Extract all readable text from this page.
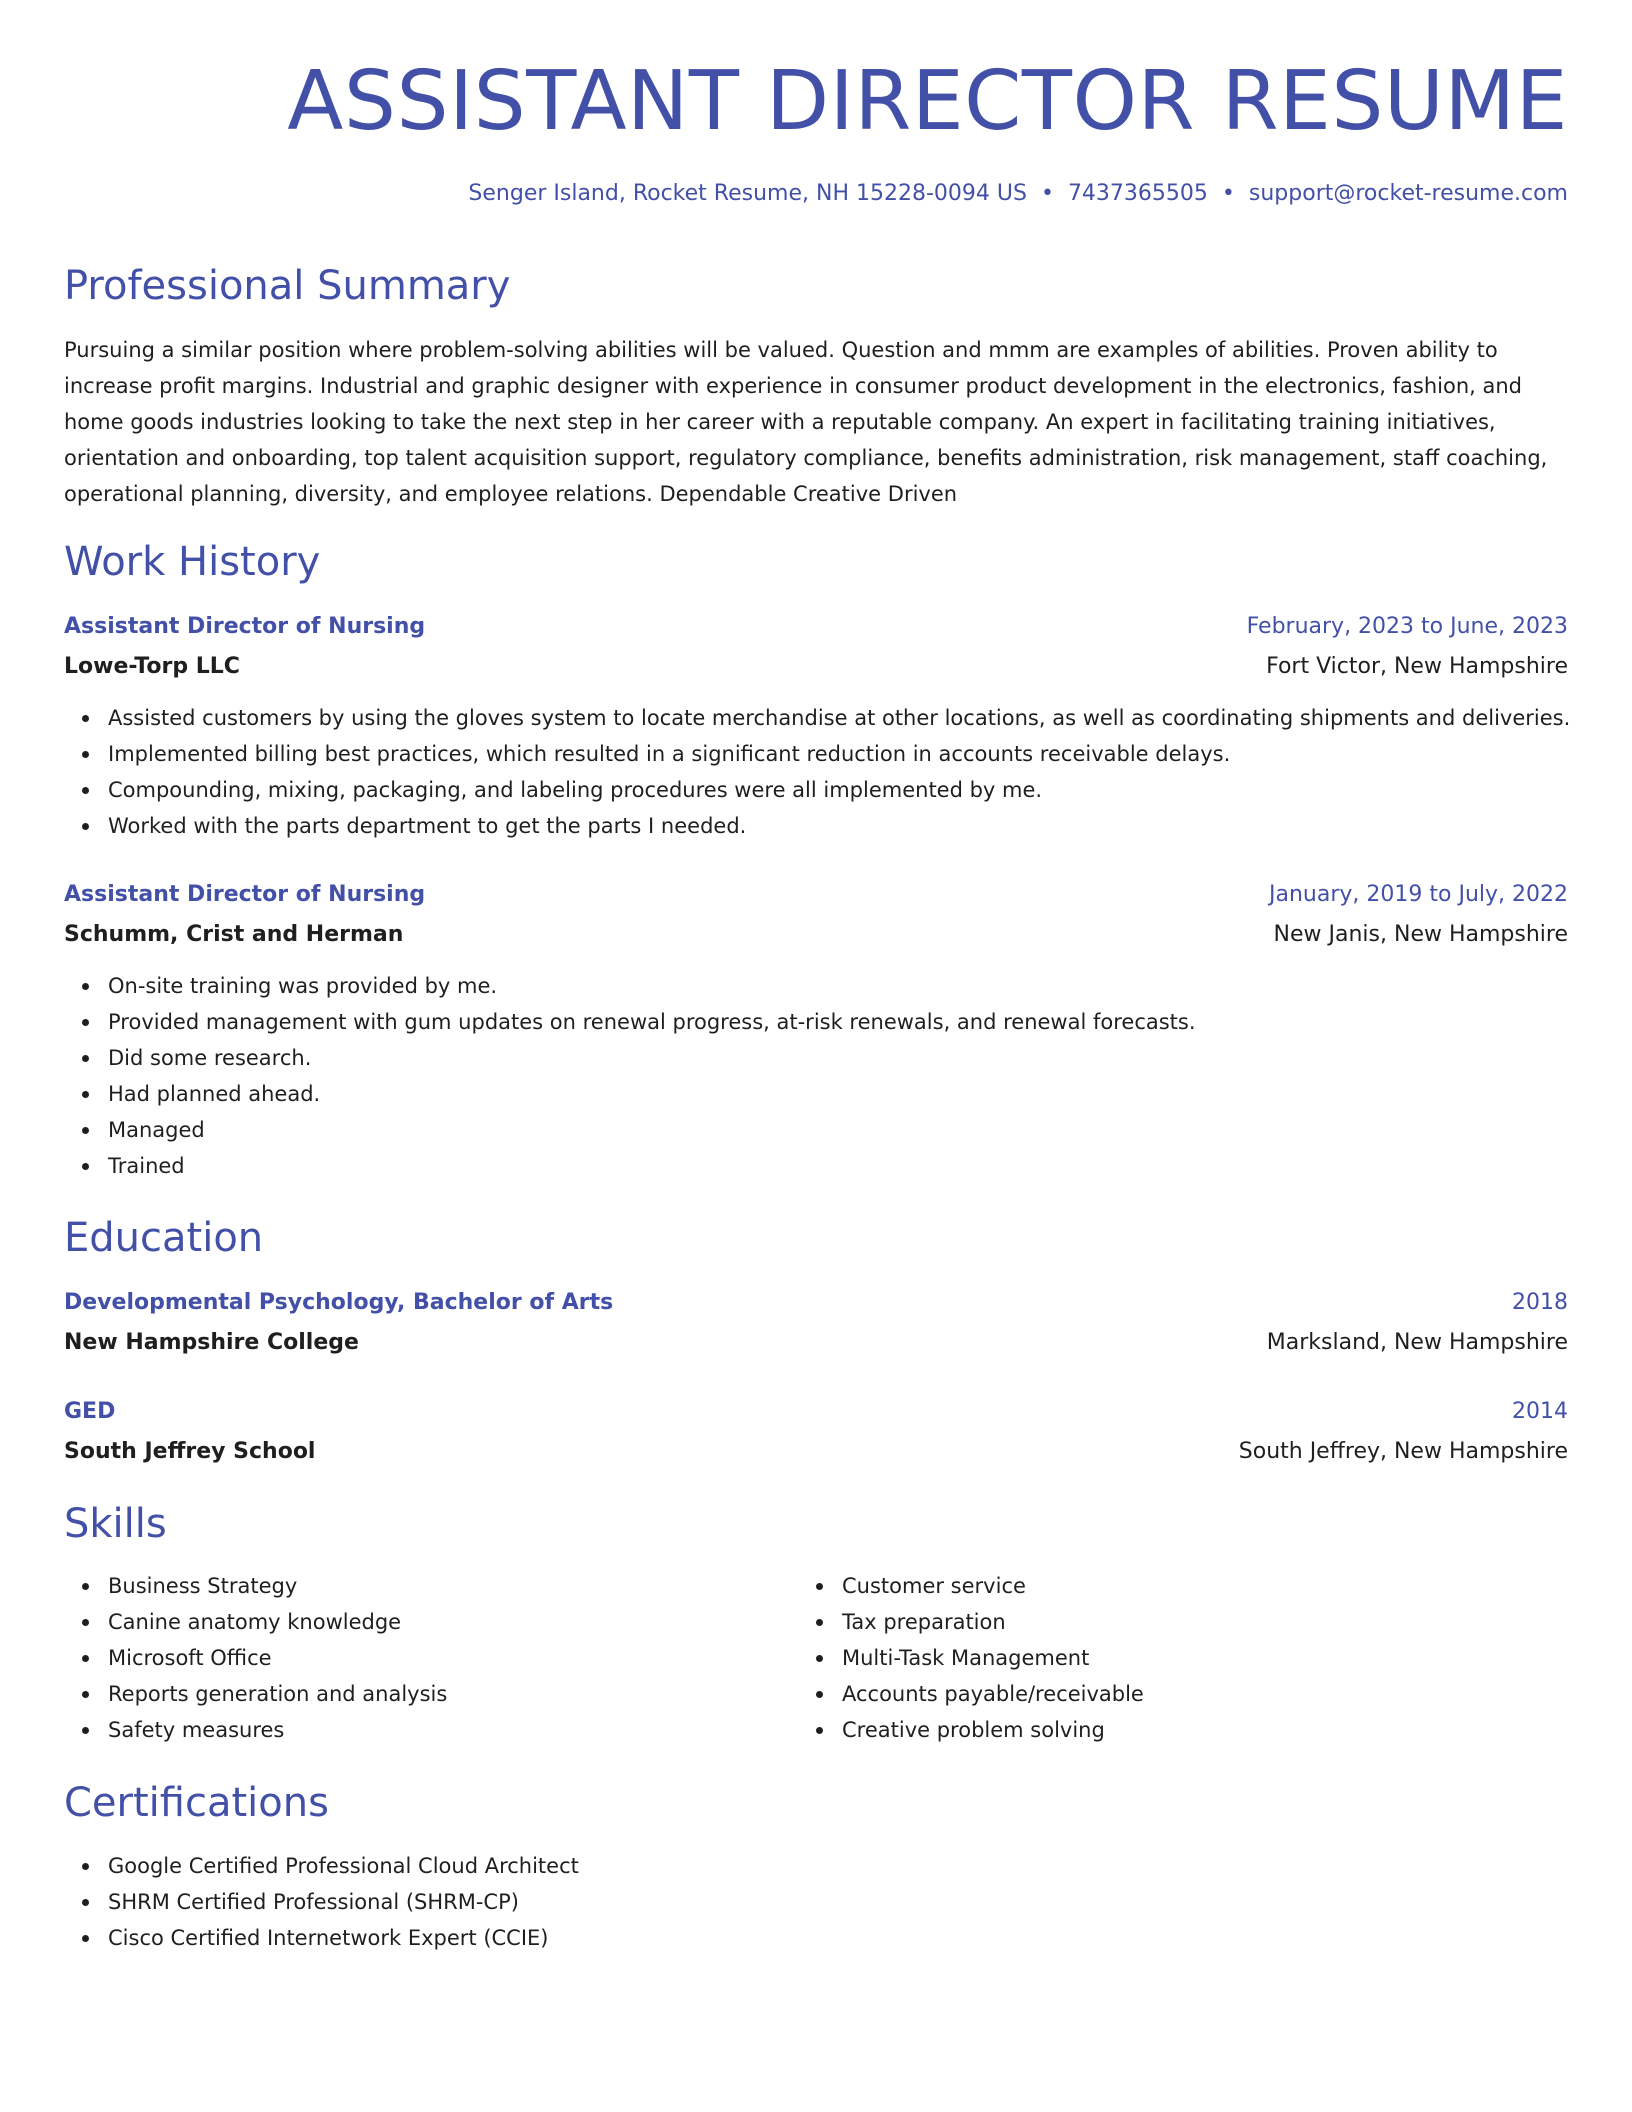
ASSISTANT DIRECTOR RESUME
Senger Island, Rocket Resume, NH 15228-0094 US • 7437365505 • support@rocket-resume.com
Professional Summary

Pursuing a similar position where problem-solving abilities will be valued. Question and mmm are examples of abilities. Proven ability to increase profit margins. Industrial and graphic designer with experience in consumer product development in the electronics, fashion, and home goods industries looking to take the next step in her career with a reputable company. An expert in facilitating training initiatives, orientation and onboarding, top talent acquisition support, regulatory compliance, benefits administration, risk management, staff coaching, operational planning, diversity, and employee relations. Dependable Creative Driven

Work History
Assistant Director of Nursing	February, 2023 to June, 2023
Lowe-Torp LLC	Fort Victor, New Hampshire
Assisted customers by using the gloves system to locate merchandise at other locations, as well as coordinating shipments and deliveries.
Implemented billing best practices, which resulted in a significant reduction in accounts receivable delays.
Compounding, mixing, packaging, and labeling procedures were all implemented by me.
Worked with the parts department to get the parts I needed.
Assistant Director of Nursing	January, 2019 to July, 2022
Schumm, Crist and Herman	New Janis, New Hampshire
On-site training was provided by me.
Provided management with gum updates on renewal progress, at-risk renewals, and renewal forecasts.
Did some research.
Had planned ahead.
Managed
Trained
Education
Developmental Psychology, Bachelor of Arts	2018
New Hampshire College	Marksland, New Hampshire
GED	2014
South Jeffrey School	South Jeffrey, New Hampshire
Skills
Business Strategy
Canine anatomy knowledge
Microsoft Office
Reports generation and analysis
Safety measures
Customer service
Tax preparation
Multi-Task Management
Accounts payable/receivable
Creative problem solving
Certifications
Google Certified Professional Cloud Architect
SHRM Certified Professional (SHRM-CP)
Cisco Certified Internetwork Expert (CCIE)
